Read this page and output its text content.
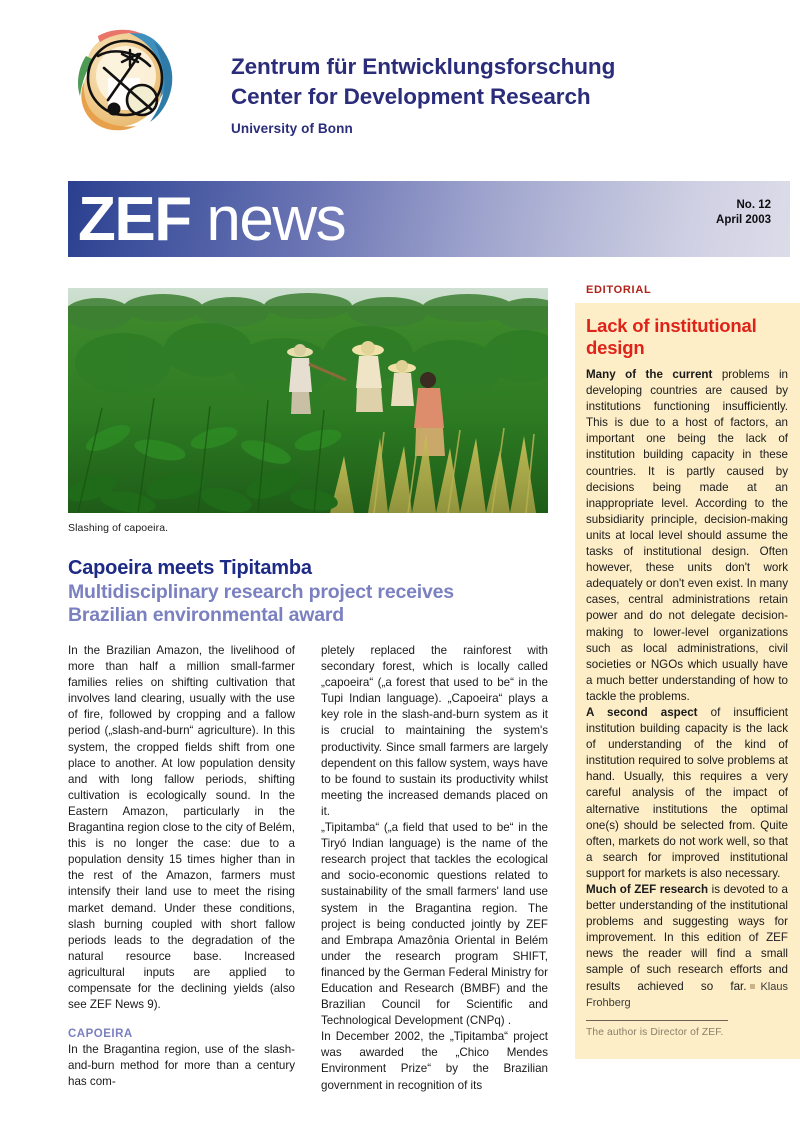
Zentrum für Entwicklungsforschung
Center for Development Research
University of Bonn
ZEF news	No. 12
April 2003
Slashing of capoeira.
Capoeira meets Tipitamba
Multidisciplinary research project receives
Brazilian environmental award

In the Brazilian Amazon, the livelihood of more than half a million small-farmer families relies on shifting cultivation that involves land clearing, usually with the use of fire, followed by cropping and a fallow period („slash-and-burn“ agriculture). In this system, the cropped fields shift from one place to another. At low population density and with long fallow periods, shifting cultivation is ecologically sound. In the Eastern Amazon, particularly in the Bragantina region close to the city of Belém, this is no longer the case: due to a population density 15 times higher than in the rest of the Amazon, farmers must intensify their land use to meet the rising market demand. Under these conditions, slash burning coupled with short fallow periods leads to the degradation of the natural resource base. Increased agricultural inputs are applied to compensate for the declining yields (also see ZEF News 9).

CAPOEIRA

In the Bragantina region, use of the slash-and-burn method for more than a century has com-

pletely replaced the rainforest with secondary forest, which is locally called „capoeira“ („a forest that used to be“ in the Tupi Indian language). „Capoeira“ plays a key role in the slash-and-burn system as it is crucial to maintaining the system's productivity. Since small farmers are largely dependent on this fallow system, ways have to be found to sustain its productivity whilst meeting the increased demands placed on it.

„Tipitamba“ („a field that used to be“ in the Tiryó Indian language) is the name of the research project that tackles the ecological and socio-economic questions related to sustainability of the small farmers' land use system in the Bragantina region. The project is being conducted jointly by ZEF and Embrapa Amazônia Oriental in Belém under the research program SHIFT, financed by the German Federal Ministry for Education and Research (BMBF) and the Brazilian Council for Scientific and Technological Development (CNPq) .

In December 2002, the „Tipitamba“ project was awarded the „Chico Mendes Environment Prize“ by the Brazilian government in recognition of its

EDITORIAL
Lack of institutional design

Many of the current problems in developing countries are caused by institutions functioning insufficiently. This is due to a host of factors, an important one being the lack of institution building capacity in these countries. It is partly caused by decisions being made at an inappropriate level. According to the subsidiarity principle, decision-making units at local level should assume the tasks of institutional design. Often however, these units don't work adequately or don't even exist. In many cases, central administrations retain power and do not delegate decision-making to lower-level organizations such as local administrations, civil societies or NGOs which usually have a much better understanding of how to tackle the problems.

A second aspect of insufficient institution building capacity is the lack of understanding of the kind of institution required to solve problems at hand. Usually, this requires a very careful analysis of the impact of alternative institutions the optimal one(s) should be selected from. Quite often, markets do not work well, so that a search for improved institutional support for markets is also necessary.

Much of ZEF research is devoted to a better understanding of the institutional problems and suggesting ways for improvement. In this edition of ZEF news the reader will find a small sample of such research efforts and results achieved so far. Klaus Frohberg

The author is Director of ZEF.
